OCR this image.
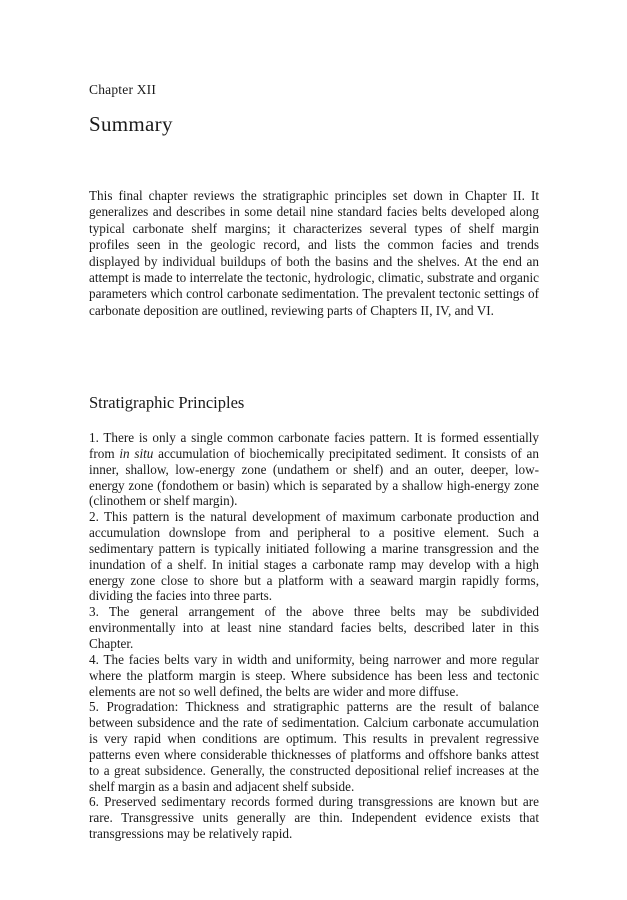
Chapter XII
Summary

This final chapter reviews the stratigraphic principles set down in Chapter II. It generalizes and describes in some detail nine standard facies belts developed along typical carbonate shelf margins; it characterizes several types of shelf margin profiles seen in the geologic record, and lists the common facies and trends displayed by individual buildups of both the basins and the shelves. At the end an attempt is made to interrelate the tectonic, hydrologic, climatic, substrate and organic parameters which control carbonate sedimentation. The prevalent tectonic settings of carbonate deposition are outlined, reviewing parts of Chapters II, IV, and VI.

Stratigraphic Principles

1. There is only a single common carbonate facies pattern. It is formed essentially from in situ accumulation of biochemically precipitated sediment. It consists of an inner, shallow, low-energy zone (undathem or shelf) and an outer, deeper, low-energy zone (fondothem or basin) which is separated by a shallow high-energy zone (clinothem or shelf margin).

2. This pattern is the natural development of maximum carbonate production and accumulation downslope from and peripheral to a positive element. Such a sedimentary pattern is typically initiated following a marine transgression and the inundation of a shelf. In initial stages a carbonate ramp may develop with a high energy zone close to shore but a platform with a seaward margin rapidly forms, dividing the facies into three parts.

3. The general arrangement of the above three belts may be subdivided environmentally into at least nine standard facies belts, described later in this Chapter.

4. The facies belts vary in width and uniformity, being narrower and more regular where the platform margin is steep. Where subsidence has been less and tectonic elements are not so well defined, the belts are wider and more diffuse.

5. Progradation: Thickness and stratigraphic patterns are the result of balance between subsidence and the rate of sedimentation. Calcium carbonate accumulation is very rapid when conditions are optimum. This results in prevalent regressive patterns even where considerable thicknesses of platforms and offshore banks attest to a great subsidence. Generally, the constructed depositional relief increases at the shelf margin as a basin and adjacent shelf subside.

6. Preserved sedimentary records formed during transgressions are known but are rare. Transgressive units generally are thin. Independent evidence exists that transgressions may be relatively rapid.
